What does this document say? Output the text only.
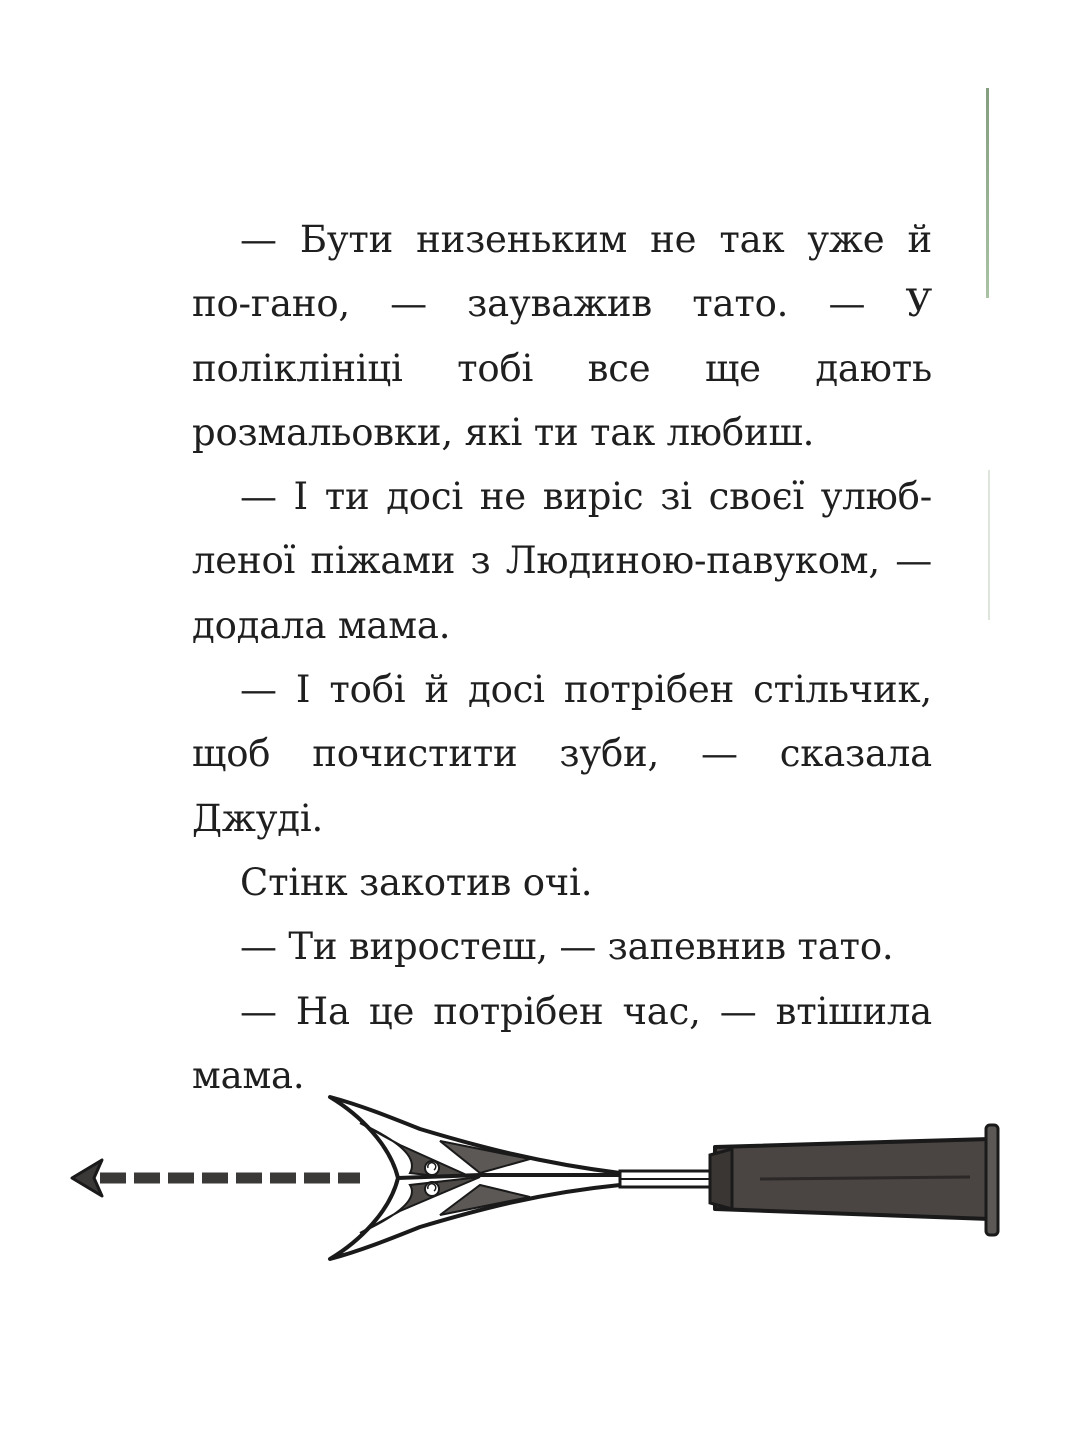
— Бути низеньким не так уже й по-гано, — зауважив тато. — У поліклініці тобі все ще дають розмальовки, які ти так любиш.

— І ти досі не виріс зі своєї улюб-леної піжами з Людиною-павуком, — додала мама.

— І тобі й досі потрібен стільчик, щоб почистити зуби, — сказала Джуді.

Стінк закотив очі.

— Ти виростеш, — запевнив тато.

— На це потрібен час, — втішила мама.
